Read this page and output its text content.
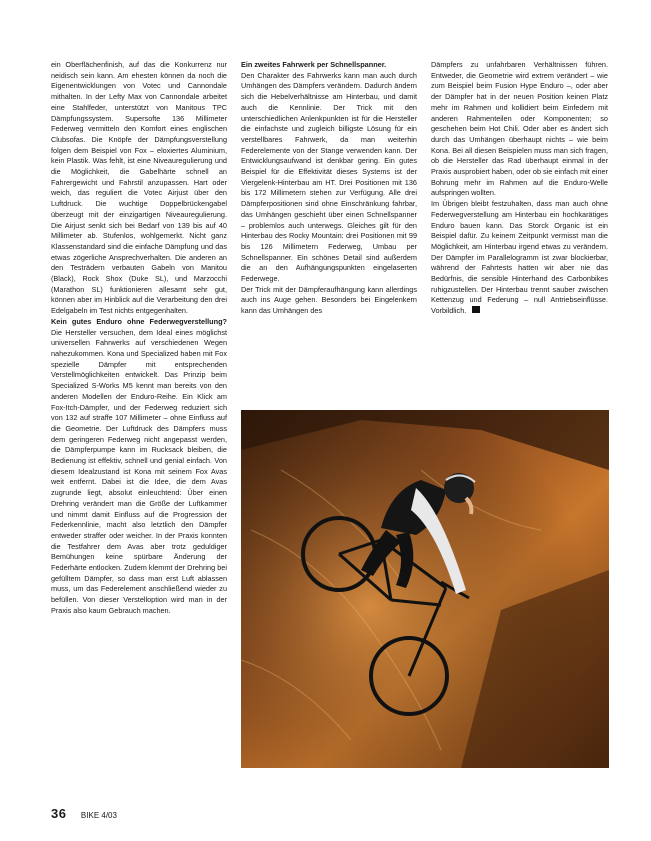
ein Oberflächenfinish, auf das die Konkurrenz nur neidisch sein kann. Am ehesten können da noch die Eigenentwicklungen von Votec und Cannondale mithalten. In der Lefty Max von Cannondale arbeitet eine Stahlfeder, unterstützt von Manitous TPC Dämpfungssystem. Supersofte 136 Millimeter Federweg vermitteln den Komfort eines englischen Clubsofas. Die Knöpfe der Dämpfungsverstellung folgen dem Beispiel von Fox – eloxiertes Aluminium, kein Plastik. Was fehlt, ist eine Niveauregulierung und die Möglichkeit, die Gabelhärte schnell an Fahrergewicht und Fahrstil anzupassen. Hart oder weich, das reguliert die Votec Airjust über den Luftdruck. Die wuchtige Doppelbrückengabel überzeugt mit der einzigartigen Niveauregulierung. Die Airjust senkt sich bei Bedarf von 139 bis auf 40 Millimeter ab. Stufenlos, wohlgemerkt. Nicht ganz Klassenstandard sind die einfache Dämpfung und das etwas zögerliche Ansprechverhalten. Die anderen an den Testrädern verbauten Gabeln von Manitou (Black), Rock Shox (Duke SL), und Marzocchi (Marathon SL) funktionieren allesamt sehr gut, können aber im Hinblick auf die Verarbeitung den drei Edelgabeln im Test nichts entgegenhalten.

Kein gutes Enduro ohne Federwegverstellung? Die Hersteller versuchen, dem Ideal eines möglichst universellen Fahrwerks auf verschiedenen Wegen nahezukommen. Kona und Specialized haben mit Fox spezielle Dämpfer mit entsprechenden Verstellmöglichkeiten entwickelt. Das Prinzip beim Specialized S-Works M5 kennt man bereits von den anderen Modellen der Enduro-Reihe. Ein Klick am Fox-Itch-Dämpfer, und der Federweg reduziert sich von 132 auf straffe 107 Millimeter – ohne Einfluss auf die Geometrie. Der Luftdruck des Dämpfers muss dem geringeren Federweg nicht angepasst werden, die Dämpferpumpe kann im Rucksack bleiben, die Bedienung ist effektiv, schnell und genial einfach. Von diesem Idealzustand ist Kona mit seinem Fox Avas weit entfernt. Dabei ist die Idee, die dem Avas zugrunde liegt, absolut einleuchtend: Über einen Drehring verändert man die Größe der Luftkammer und nimmt damit Einfluss auf die Progression der Federkennlinie, macht also letztlich den Dämpfer entweder straffer oder weicher. In der Praxis konnten die Testfahrer dem Avas aber trotz geduldiger Bemühungen keine spürbare Änderung der Federhärte entlocken. Zudem klemmt der Drehring bei gefülltem Dämpfer, so dass man erst Luft ablassen muss, um das Federelement anschließend wieder zu befüllen. Von dieser Verstelloption wird man in der Praxis also kaum Gebrauch machen.

Ein zweites Fahrwerk per Schnellspanner.

Den Charakter des Fahrwerks kann man auch durch Umhängen des Dämpfers verändern. Dadurch ändern sich die Hebelverhältnisse am Hinterbau, und damit auch die Kennlinie. Der Trick mit den unterschiedlichen Anlenkpunkten ist für die Hersteller die einfachste und zugleich billigste Lösung für ein verstellbares Fahrwerk, da man weiterhin Federelemente von der Stange verwenden kann. Der Entwicklungsaufwand ist denkbar gering. Ein gutes Beispiel für die Effektivität dieses Systems ist der Viergelenk-Hinterbau am HT. Drei Positionen mit 136 bis 172 Millimetern stehen zur Verfügung. Alle drei Dämpferpositionen sind ohne Einschränkung fahrbar, das Umhängen geschieht über einen Schnellspanner – problemlos auch unterwegs. Gleiches gilt für den Hinterbau des Rocky Mountain: drei Positionen mit 99 bis 126 Millimetern Federweg, Umbau per Schnellspanner. Ein schönes Detail sind außerdem die an den Aufhängungspunkten eingelaserten Federwege.

Der Trick mit der Dämpferaufhängung kann allerdings auch ins Auge gehen. Besonders bei Eingelenkern kann das Umhängen des

Dämpfers zu unfahrbaren Verhältnissen führen. Entweder, die Geometrie wird extrem verändert – wie zum Beispiel beim Fusion Hype Enduro –, oder aber der Dämpfer hat in der neuen Position keinen Platz mehr im Rahmen und kollidiert beim Einfedern mit anderen Rahmenteilen oder Komponenten; so geschehen beim Hot Chili. Oder aber es ändert sich durch das Umhängen überhaupt nichts – wie beim Kona. Bei all diesen Beispielen muss man sich fragen, ob die Hersteller das Rad überhaupt einmal in der Praxis ausprobiert haben, oder ob sie einfach mit einer Bohrung mehr im Rahmen auf die Enduro-Welle aufspringen wollten.

Im Übrigen bleibt festzuhalten, dass man auch ohne Federwegverstellung am Hinterbau ein hochkarätiges Enduro bauen kann. Das Storck Organic ist ein Beispiel dafür. Zu keinem Zeitpunkt vermisst man die Möglichkeit, am Hinterbau irgend etwas zu verändern. Der Dämpfer im Parallelogramm ist zwar blockierbar, während der Fahrtests hatten wir aber nie das Bedürfnis, die sensible Hinterhand des Carbonbikes ruhigzustellen. Der Hinterbau trennt sauber zwischen Kettenzug und Federung – null Antriebseinflüsse. Vorbildlich.

36 BIKE 4/03
